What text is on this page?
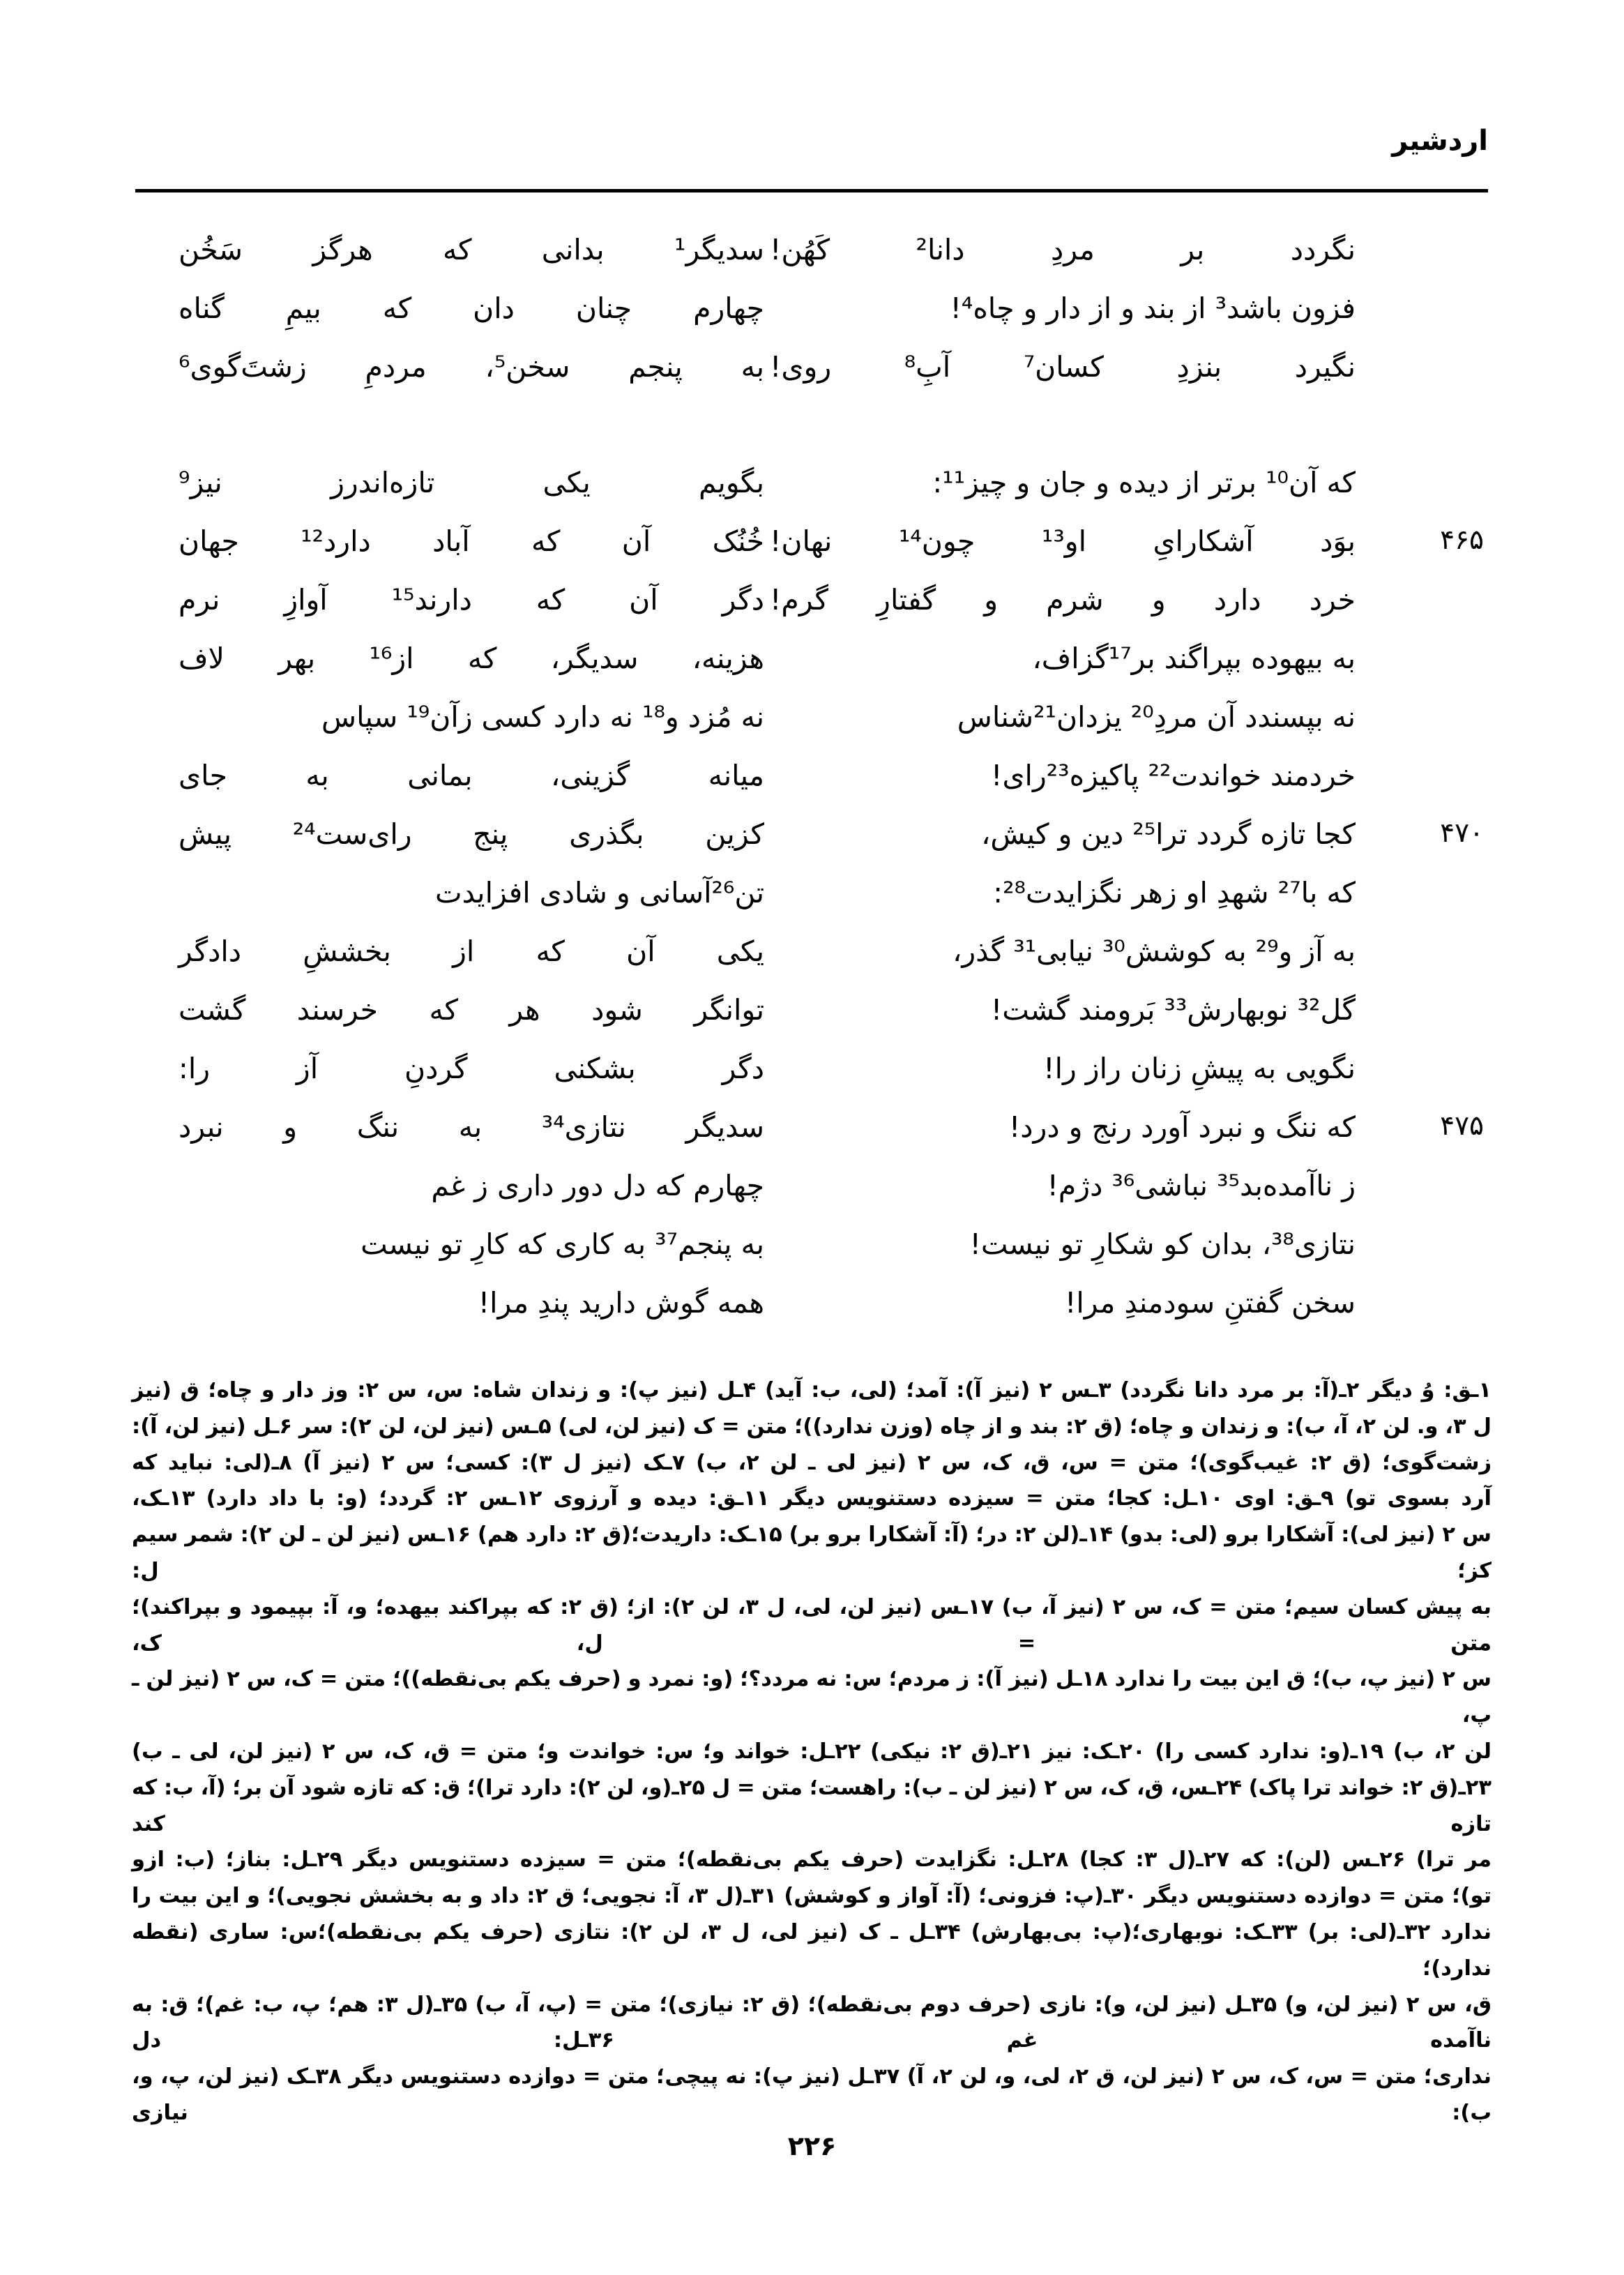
اردشیر
نگردد بر مردِ دانا² کَهُن!
سدیگر¹ بدانی که هرگز سَخُن
فزون باشد³ از بند و از دار و چاه⁴!
چهارم چنان دان که بیمِ گناه
نگیرد بنزدِ کسان⁷ آبِ⁸ روی!
به پنجم سخن⁵، مردمِ زشتَ‌گوی⁶
که آن¹⁰ برتر از دیده و جان و چیز¹¹:
بگویم یکی تازه‌اندرز نیز⁹
۴۶۵
بوَد آشکارایِ او¹³ چون¹⁴ نهان!
خُنُک آن که آباد دارد¹² جهان
خرد دارد و شرم و گفتارِ گرم!
دگر آن که دارند¹⁵ آوازِ نرم
به بیهوده بپراگند بر¹⁷گزاف،
هزینه، سدیگر، که از¹⁶ بهر لاف
نه بپسندد آن مردِ²⁰ یزدان²¹شناس
نه مُزد و¹⁸ نه دارد کسی زآن¹⁹ سپاس
خردمند خواندت²² پاکیزه²³رای!
میانه گزینی، بمانی به جای
۴۷۰
کجا تازه گردد ترا²⁵ دین و کیش،
کزین بگذری پنج رای‌ست²⁴ پیش
که با²⁷ شهدِ او زهر نگزایدت²⁸:
تن²⁶آسانی و شادی افزایدت
به آز و²⁹ به کوشش³⁰ نیابی³¹ گذر،
یکی آن که از بخششِ دادگر
گل³² نوبهارش³³ بَرومند گشت!
توانگر شود هر که خرسند گشت
نگویی به پیشِ زنان راز را!
دگر بشکنی گردنِ آز را:
۴۷۵
که ننگ و نبرد آورد رنج و درد!
سدیگر نتازی³⁴ به ننگ و نبرد
ز ناآمده‌بد³⁵ نباشی³⁶ دژم!
چهارم که دل دور داری ز غم
نتازی³⁸، بدان کو شکارِ تو نیست!
به پنجم³⁷ به کاری که کارِ تو نیست
سخن گفتنِ سودمندِ مرا!
همه گوش دارید پندِ مرا!

۱ـق: وُ دیگر ۲ـ(آ: بر مرد دانا نگردد) ۳ـس ۲ (نیز آ): آمد؛ (لی، ب: آید) ۴ـل (نیز پ): و زندان شاه: س، س ۲: وز دار و چاه؛ ق (نیز

ل ۳، و. لن ۲، آ، ب): و زندان و چاه؛ (ق ۲: بند و از چاه (وزن ندارد))؛ متن = ک (نیز لن، لی) ۵ـس (نیز لن، لن ۲): سر ۶ـل (نیز لن، آ):

زشت‌گوی؛ (ق ۲: غیب‌گوی)؛ متن = س، ق، ک، س ۲ (نیز لی ـ لن ۲، ب) ۷ـک (نیز ل ۳): کسی؛ س ۲ (نیز آ) ۸ـ(لی: نباید که

آرد بسوی تو) ۹ـق: اوی ۱۰ـل: کجا؛ متن = سیزده دستنویس دیگر ۱۱ـق: دیده و آرزوی ۱۲ـس ۲: گردد؛ (و: با داد دارد) ۱۳ـک،

س ۲ (نیز لی): آشکارا برو (لی: بدو) ۱۴ـ(لن ۲: در؛ (آ: آشکارا برو بر) ۱۵ـک: داریدت؛(ق ۲: دارد هم) ۱۶ـس (نیز لن ـ لن ۲): شمر سیم کز؛ ل:

به پیش کسان سیم؛ متن = ک، س ۲ (نیز آ، ب) ۱۷ـس (نیز لن، لی، ل ۳، لن ۲): از؛ (ق ۲: که بپراکند بیهده؛ و، آ: بپیمود و بپراکند)؛ متن = ل، ک،

س ۲ (نیز پ، ب)؛ ق این بیت را ندارد ۱۸ـل (نیز آ): ز مردم؛ س: نه مردد؟؛ (و: نمرد و (حرف یکم بی‌نقطه))؛ متن = ک، س ۲ (نیز لن ـ پ،

لن ۲، ب) ۱۹ـ(و: ندارد کسی را) ۲۰ـک: نیز ۲۱ـ(ق ۲: نیکی) ۲۲ـل: خواند و؛ س: خواندت و؛ متن = ق، ک، س ۲ (نیز لن، لی ـ ب)

۲۳ـ(ق ۲: خواند ترا پاک) ۲۴ـس، ق، ک، س ۲ (نیز لن ـ ب): راهست؛ متن = ل ۲۵ـ(و، لن ۲): دارد ترا)؛ ق: که تازه شود آن بر؛ (آ، ب: که تازه کند

مر ترا) ۲۶ـس (لن): که ۲۷ـ(ل ۳: کجا) ۲۸ـل: نگزایدت (حرف یکم بی‌نقطه)؛ متن = سیزده دستنویس دیگر ۲۹ـل: بناز؛ (ب: ازو

تو)؛ متن = دوازده دستنویس دیگر ۳۰ـ(پ: فزونی؛ (آ: آواز و کوشش) ۳۱ـ(ل ۳، آ: نجویی؛ ق ۲: داد و به بخشش نجویی)؛ و این بیت را

ندارد ۳۲ـ(لی: بر) ۳۳ـک: نوبهاری؛(پ: بی‌بهارش) ۳۴ـل ـ ک (نیز لی، ل ۳، لن ۲): نتازی (حرف یکم بی‌نقطه)؛س: ساری (نقطه ندارد)؛

ق، س ۲ (نیز لن، و) ۳۵ـل (نیز لن، و): نازی (حرف دوم بی‌نقطه)؛ (ق ۲: نیازی)؛ متن = (پ، آ، ب) ۳۵ـ(ل ۳: هم؛ پ، ب: غم)؛ ق: به ناآمده غم ۳۶ـل: دل

نداری؛ متن = س، ک، س ۲ (نیز لن، ق ۲، لی، و، لن ۲، آ) ۳۷ـل (نیز پ): نه پیچی؛ متن = دوازده دستنویس دیگر ۳۸ـک (نیز لن، پ، و، ب): نیازی

۲۲۶
